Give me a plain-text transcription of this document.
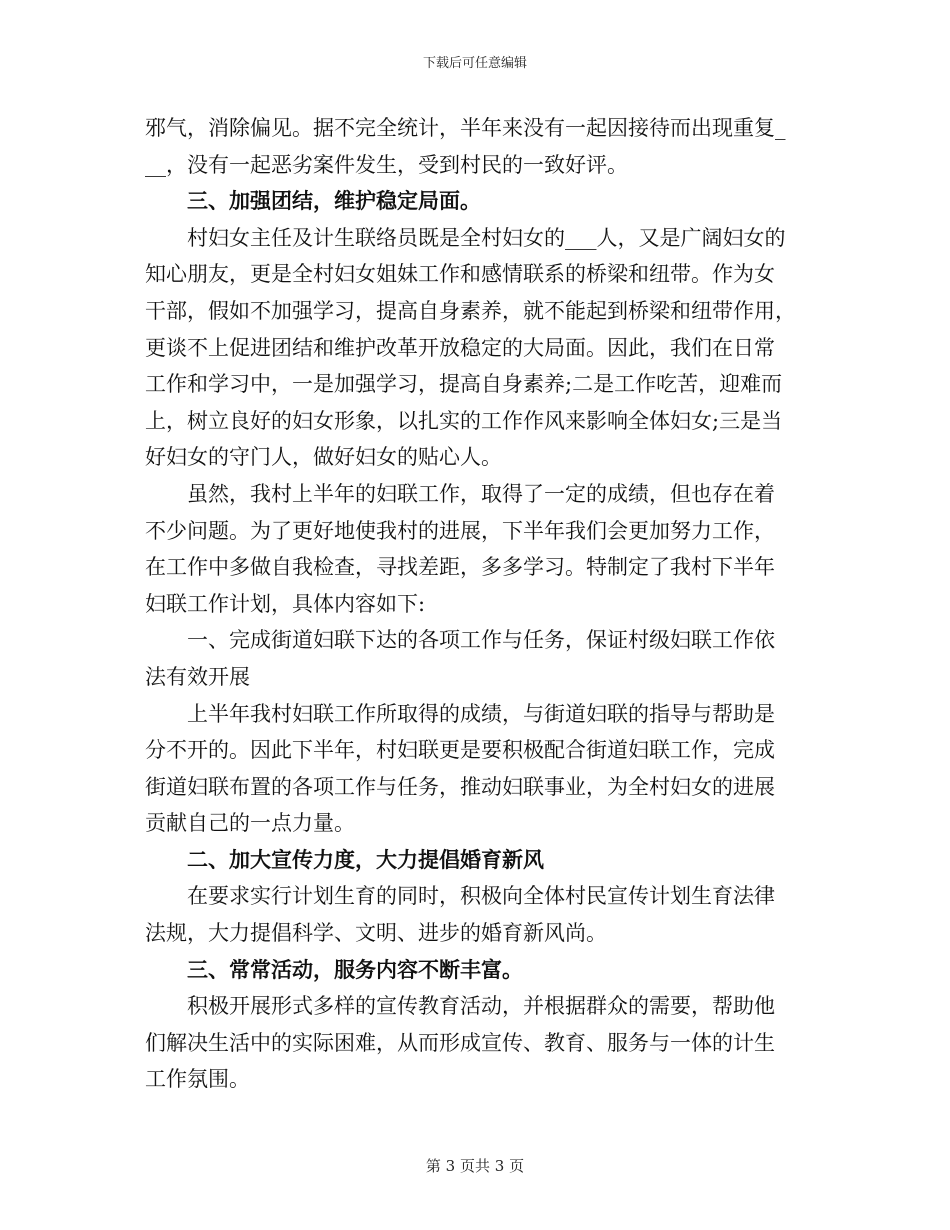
下载后可任意编辑
邪气，消除偏见。据不完全统计，半年来没有一起因接待而出现重复_
__，没有一起恶劣案件发生，受到村民的一致好评。
三、加强团结，维护稳定局面。
村妇女主任及计生联络员既是全村妇女的___人，又是广阔妇女的
知心朋友，更是全村妇女姐妹工作和感情联系的桥梁和纽带。作为女
干部，假如不加强学习，提高自身素养，就不能起到桥梁和纽带作用，
更谈不上促进团结和维护改革开放稳定的大局面。因此，我们在日常
工作和学习中，一是加强学习，提高自身素养;二是工作吃苦，迎难而
上，树立良好的妇女形象，以扎实的工作作风来影响全体妇女;三是当
好妇女的守门人，做好妇女的贴心人。
虽然，我村上半年的妇联工作，取得了一定的成绩，但也存在着
不少问题。为了更好地使我村的进展，下半年我们会更加努力工作，
在工作中多做自我检查，寻找差距，多多学习。特制定了我村下半年
妇联工作计划，具体内容如下:
一、完成街道妇联下达的各项工作与任务，保证村级妇联工作依
法有效开展
上半年我村妇联工作所取得的成绩，与街道妇联的指导与帮助是
分不开的。因此下半年，村妇联更是要积极配合街道妇联工作，完成
街道妇联布置的各项工作与任务，推动妇联事业，为全村妇女的进展
贡献自己的一点力量。
二、加大宣传力度，大力提倡婚育新风
在要求实行计划生育的同时，积极向全体村民宣传计划生育法律
法规，大力提倡科学、文明、进步的婚育新风尚。
三、常常活动，服务内容不断丰富。
积极开展形式多样的宣传教育活动，并根据群众的需要，帮助他
们解决生活中的实际困难，从而形成宣传、教育、服务与一体的计生
工作氛围。
第 3 页共 3 页
